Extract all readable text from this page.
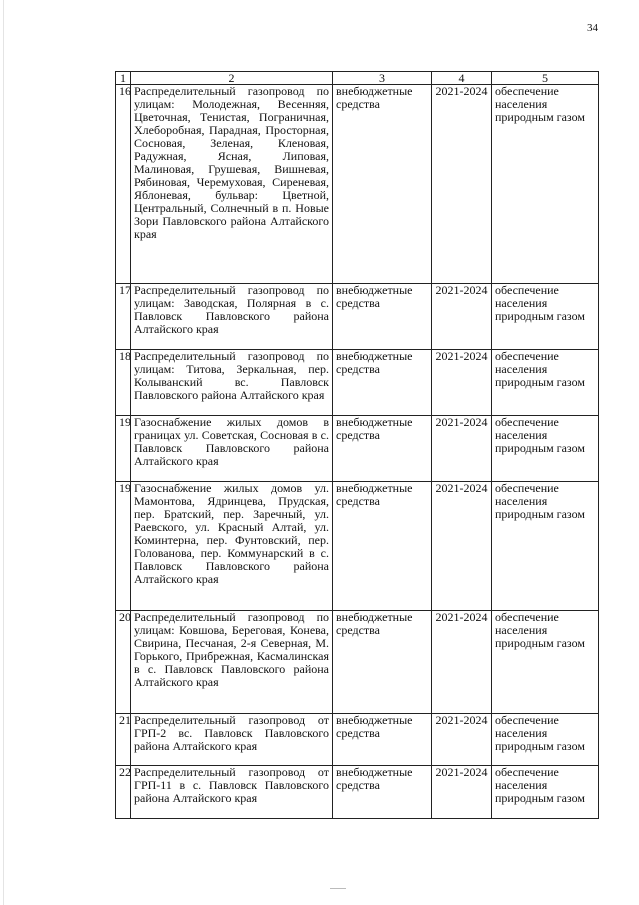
34
1	2	3	4	5
16	Распределительный газопровод по улицам: Молодежная, Весенняя, Цветочная, Тенистая, Пограничная, Хлеборобная, Парадная, Просторная, Сосновая, Зеленая, Кленовая, Радужная, Ясная, Липовая, Малиновая, Грушевая, Вишневая, Рябиновая, Черемуховая, Сиреневая, Яблоневая, бульвар: Цветной, Центральный, Солнечный в п. Новые Зори Павловского района Алтайского края	внебюджетные средства	2021-2024	обеспечение населения природным газом
17	Распределительный газопровод по улицам: Заводская, Полярная в с. Павловск Павловского района Алтайского края	внебюджетные средства	2021-2024	обеспечение населения природным газом
18	Распределительный газопровод по улицам: Титова, Зеркальная, пер. Колыванский вс. Павловск Павловского района Алтайского края	внебюджетные средства	2021-2024	обеспечение населения природным газом
19	Газоснабжение жилых домов в границах ул. Советская, Сосновая в с. Павловск Павловского района Алтайского края	внебюджетные средства	2021-2024	обеспечение населения природным газом
19	Газоснабжение жилых домов ул. Мамонтова, Ядринцева, Прудская, пер. Братский, пер. Заречный, ул. Раевского, ул. Красный Алтай, ул. Коминтерна, пер. Фунтовский, пер. Голованова, пер. Коммунарский в с. Павловск Павловского района Алтайского края	внебюджетные средства	2021-2024	обеспечение населения природным газом
20	Распределительный газопровод по улицам: Ковшова, Береговая, Конева, Свирина, Песчаная, 2-я Северная, М. Горького, Прибрежная, Касмалинская в с. Павловск Павловского района Алтайского края	внебюджетные средства	2021-2024	обеспечение населения природным газом
21	Распределительный газопровод от ГРП-2 вс. Павловск Павловского района Алтайского края	внебюджетные средства	2021-2024	обеспечение населения природным газом
22	Распределительный газопровод от ГРП-11 в с. Павловск Павловского района Алтайского края	внебюджетные средства	2021-2024	обеспечение населения природным газом
